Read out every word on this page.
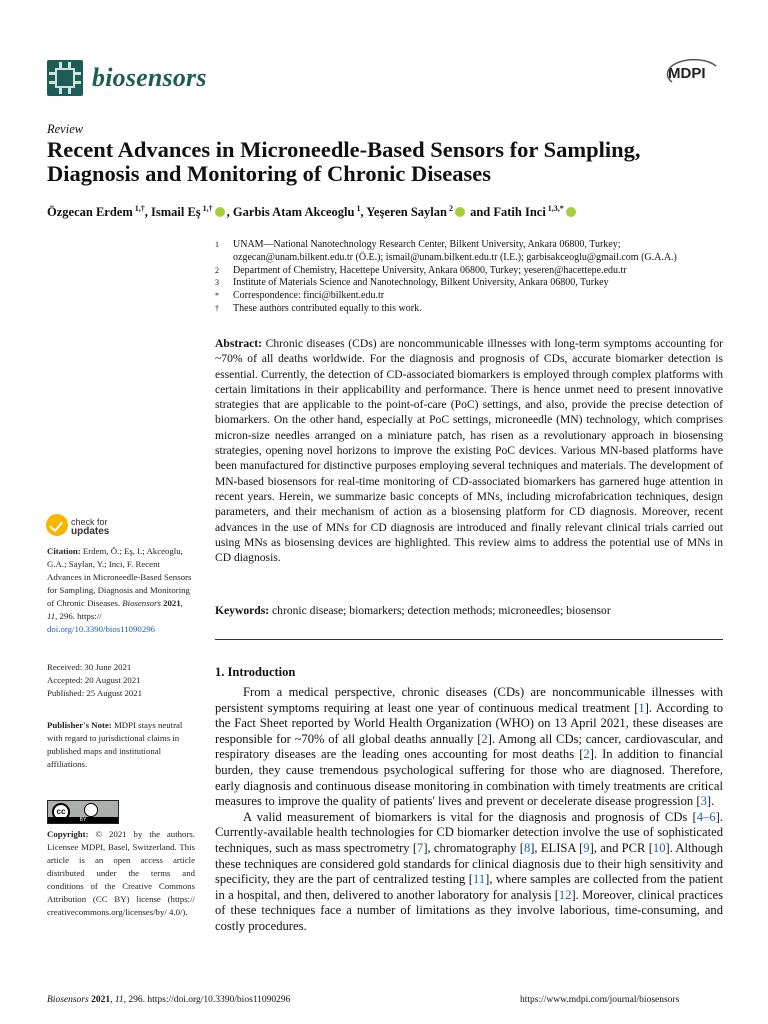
biosensors	MDPI
Review
Recent Advances in Microneedle-Based Sensors for Sampling, Diagnosis and Monitoring of Chronic Diseases
Özgecan Erdem $^{1,\dagger}$, Ismail Eş $^{1,\dagger}$ , Garbis Atam Akceoglu $^1$, Yeşeren Saylan $^2$ and Fatih Inci $^{1,3,*}$
1	UNAM—National Nanotechnology Research Center, Bilkent University, Ankara 06800, Turkey;
ozgecan@unam.bilkent.edu.tr (Ö.E.); ismail@unam.bilkent.edu.tr (I.E.); garbisakceoglu@gmail.com (G.A.A.)
2	Department of Chemistry, Hacettepe University, Ankara 06800, Turkey; yeseren@hacettepe.edu.tr
3	Institute of Materials Science and Nanotechnology, Bilkent University, Ankara 06800, Turkey
*	Correspondence: finci@bilkent.edu.tr
†	These authors contributed equally to this work.
Abstract: Chronic diseases (CDs) are noncommunicable illnesses with long-term symptoms accounting for ~70% of all deaths worldwide. For the diagnosis and prognosis of CDs, accurate biomarker detection is essential. Currently, the detection of CD-associated biomarkers is employed through complex platforms with certain limitations in their applicability and performance. There is hence unmet need to present innovative strategies that are applicable to the point-of-care (PoC) settings, and also, provide the precise detection of biomarkers. On the other hand, especially at PoC settings, microneedle (MN) technology, which comprises micron-size needles arranged on a miniature patch, has risen as a revolutionary approach in biosensing strategies, opening novel horizons to improve the existing PoC devices. Various MN-based platforms have been manufactured for distinctive purposes employing several techniques and materials. The development of MN-based biosensors for real-time monitoring of CD-associated biomarkers has garnered huge attention in recent years. Herein, we summarize basic concepts of MNs, including microfabrication techniques, design parameters, and their mechanism of action as a biosensing platform for CD diagnosis. Moreover, recent advances in the use of MNs for CD diagnosis are introduced and finally relevant clinical trials carried out using MNs as biosensing devices are highlighted. This review aims to address the potential use of MNs in CD diagnosis.
Keywords: chronic disease; biomarkers; detection methods; microneedles; biosensor
check for
updates
Citation: Erdem, Ö.; Eş, I.; Akceoglu, G.A.; Saylan, Y.; Inci, F. Recent Advances in Microneedle-Based Sensors for Sampling, Diagnosis and Monitoring of Chronic Diseases. Biosensors 2021, 11, 296. https:// doi.org/10.3390/bios11090296
Received: 30 June 2021
Accepted: 20 August 2021
Published: 25 August 2021
Publisher's Note: MDPI stays neutral with regard to jurisdictional claims in published maps and institutional affiliations.
cc
BY
Copyright: © 2021 by the authors. Licensee MDPI, Basel, Switzerland. This article is an open access article distributed under the terms and conditions of the Creative Commons Attribution (CC BY) license (https:// creativecommons.org/licenses/by/ 4.0/).
1. Introduction

From a medical perspective, chronic diseases (CDs) are noncommunicable illnesses with persistent symptoms requiring at least one year of continuous medical treatment [1]. According to the Fact Sheet reported by World Health Organization (WHO) on 13 April 2021, these diseases are responsible for ~70% of all global deaths annually [2]. Among all CDs; cancer, cardiovascular, and respiratory diseases are the leading ones accounting for most deaths [2]. In addition to financial burden, they cause tremendous psychological suffering for those who are diagnosed. Therefore, early diagnosis and continuous disease monitoring in combination with timely treatments are critical measures to improve the quality of patients' lives and prevent or decelerate disease progression [3].

A valid measurement of biomarkers is vital for the diagnosis and prognosis of CDs [4–6]. Currently-available health technologies for CD biomarker detection involve the use of sophisticated techniques, such as mass spectrometry [7], chromatography [8], ELISA [9], and PCR [10]. Although these techniques are considered gold standards for clinical diagnosis due to their high sensitivity and specificity, they are the part of centralized testing [11], where samples are collected from the patient in a hospital, and then, delivered to another laboratory for analysis [12]. Moreover, clinical practices of these techniques face a number of limitations as they involve laborious, time-consuming, and costly procedures.

Biosensors 2021, 11, 296. https://doi.org/10.3390/bios11090296	https://www.mdpi.com/journal/biosensors
